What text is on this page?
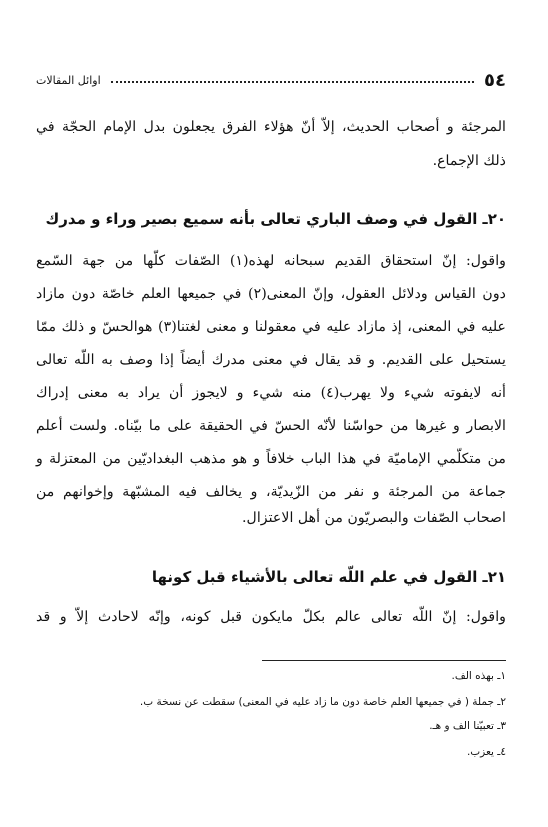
٥٤
اوائل المقالات
المرجئة و أصحاب الحديث، إلاّ أنّ هؤلاء الفرق يجعلون بدل الإمام الحجّة في
ذلك الإجماع.
٢٠ـ القول في وصف الباري تعالى بأنه سميع بصير وراء و مدرك
واقول: إنّ استحقاق القديم سبحانه لهذه(١) الصّفات كلّها من جهة السّمع
دون القياس ودلائل العقول، وإنّ المعنى(٢) في جميعها العلم خاصّة دون مازاد
عليه في المعنى، إذ مازاد عليه في معقولنا و معنى لغتنا(٣) هوالحسّ و ذلك ممّا
يستحيل على القديم. و قد يقال في معنى مدرك أيضاً إذا وصف به اللّه تعالى
أنه لايفوته شيء ولا يهرب(٤) منه شيء و لايجوز أن يراد به معنى إدراك
الابصار و غيرها من حواسّنا لأنّه الحسّ في الحقيقة على ما بيّناه. ولست أعلم
من متكلّمي الإماميّة في هذا الباب خلافاً و هو مذهب البغداديّين من المعتزلة و
جماعة من المرجئة و نفر من الزّيديّة، و يخالف فيه المشبّهة وإخوانهم من
اصحاب الصّفات والبصريّون من أهل الاعتزال.
٢١ـ القول في علم اللّه تعالى بالأشياء قبل كونها
واقول: إنّ اللّه تعالى عالم بكلّ مايكون قبل كونه، وإنّه لاحادث إلاّ و قد
١ـ بهذه الف.
٢ـ جملة ( في جميعها العلم خاصة دون ما زاد عليه في المعنى) سقطت عن نسخة ب.
٣ـ تعبيّنا الف و هـ.
٤ـ يعزب.
